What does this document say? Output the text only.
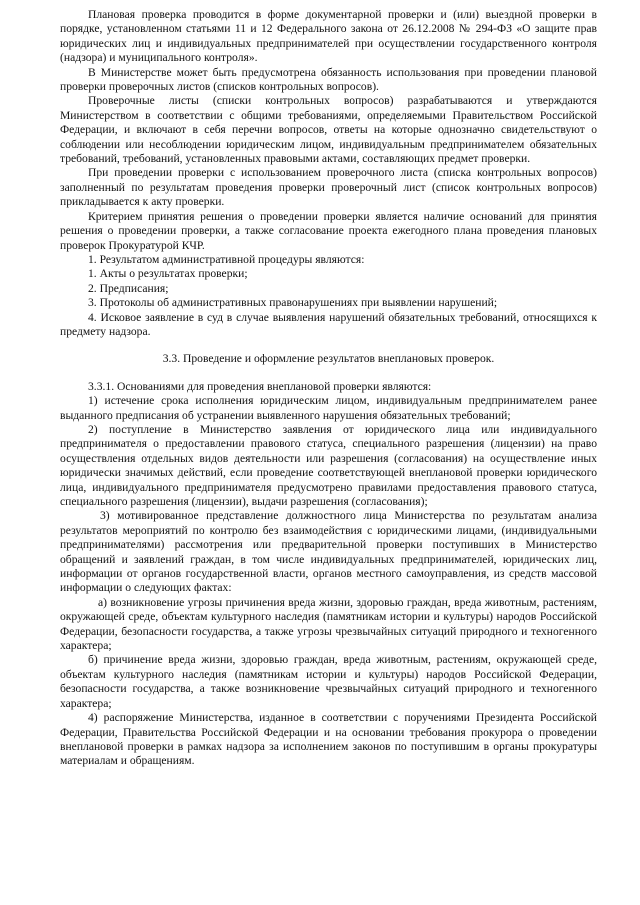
Плановая проверка проводится в форме документарной проверки и (или) выездной проверки в порядке, установленном статьями 11 и 12 Федерального закона от 26.12.2008 № 294-ФЗ «О защите прав юридических лиц и индивидуальных предпринимателей при осуществлении государственного контроля (надзора) и муниципального контроля».

В Министерстве может быть предусмотрена обязанность использования при проведении плановой проверки проверочных листов (списков контрольных вопросов).

Проверочные листы (списки контрольных вопросов) разрабатываются и утверждаются Министерством в соответствии с общими требованиями, определяемыми Правительством Российской Федерации, и включают в себя перечни вопросов, ответы на которые однозначно свидетельствуют о соблюдении или несоблюдении юридическим лицом, индивидуальным предпринимателем обязательных требований, требований, установленных правовыми актами, составляющих предмет проверки.

При проведении проверки с использованием проверочного листа (списка контрольных вопросов) заполненный по результатам проведения проверки проверочный лист (список контрольных вопросов) прикладывается к акту проверки.

Критерием принятия решения о проведении проверки является наличие оснований для принятия решения о проведении проверки, а также согласование проекта ежегодного плана проведения плановых проверок Прокуратурой КЧР.

1. Результатом административной процедуры являются:

1. Акты о результатах проверки;

2. Предписания;

3. Протоколы об административных правонарушениях при выявлении нарушений;

4. Исковое заявление в суд в случае выявления нарушений обязательных требований, относящихся к предмету надзора.

3.3. Проведение и оформление результатов внеплановых проверок.

3.3.1. Основаниями для проведения внеплановой проверки являются:

1) истечение срока исполнения юридическим лицом, индивидуальным предпринимателем ранее выданного предписания об устранении выявленного нарушения обязательных требований;

2) поступление в Министерство заявления от юридического лица или индивидуального предпринимателя о предоставлении правового статуса, специального разрешения (лицензии) на право осуществления отдельных видов деятельности или разрешения (согласования) на осуществление иных юридически значимых действий, если проведение соответствующей внеплановой проверки юридического лица, индивидуального предпринимателя предусмотрено правилами предоставления правового статуса, специального разрешения (лицензии), выдачи разрешения (согласования);

3) мотивированное представление должностного лица Министерства по результатам анализа результатов мероприятий по контролю без взаимодействия с юридическими лицами, (индивидуальными предпринимателями) рассмотрения или предварительной проверки поступивших в Министерство обращений и заявлений граждан, в том числе индивидуальных предпринимателей, юридических лиц, информации от органов государственной власти, органов местного самоуправления, из средств массовой информации о следующих фактах:

а) возникновение угрозы причинения вреда жизни, здоровью граждан, вреда животным, растениям, окружающей среде, объектам культурного наследия (памятникам истории и культуры) народов Российской Федерации, безопасности государства, а также угрозы чрезвычайных ситуаций природного и техногенного характера;

б) причинение вреда жизни, здоровью граждан, вреда животным, растениям, окружающей среде, объектам культурного наследия (памятникам истории и культуры) народов Российской Федерации, безопасности государства, а также возникновение чрезвычайных ситуаций природного и техногенного характера;

4) распоряжение Министерства, изданное в соответствии с поручениями Президента Российской Федерации, Правительства Российской Федерации и на основании требования прокурора о проведении внеплановой проверки в рамках надзора за исполнением законов по поступившим в органы прокуратуры материалам и обращениям.
